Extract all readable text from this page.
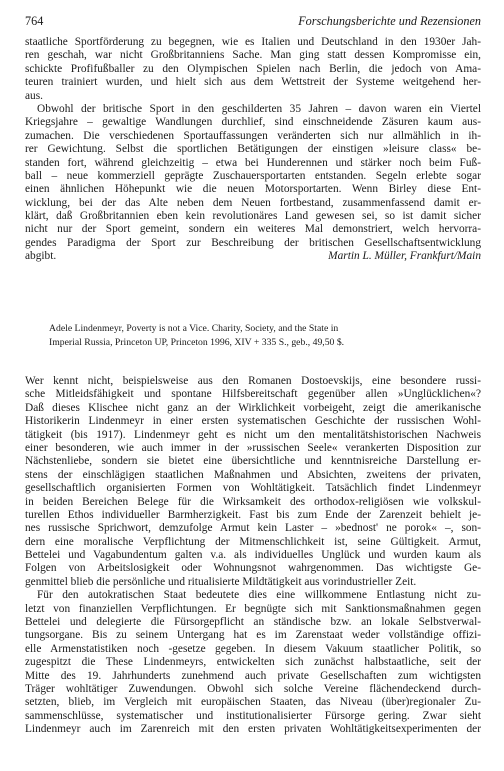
764	Forschungsberichte und Rezensionen

staatliche Sportförderung zu begegnen, wie es Italien und Deutschland in den 1930er Jah-
ren geschah, war nicht Großbritanniens Sache. Man ging statt dessen Kompromisse ein,
schickte Profifußballer zu den Olympischen Spielen nach Berlin, die jedoch von Ama-
teuren trainiert wurden, und hielt sich aus dem Wettstreit der Systeme weitgehend her-
aus.

Obwohl der britische Sport in den geschilderten 35 Jahren – davon waren ein Viertel
Kriegsjahre – gewaltige Wandlungen durchlief, sind einschneidende Zäsuren kaum aus-
zumachen. Die verschiedenen Sportauffassungen veränderten sich nur allmählich in ih-
rer Gewichtung. Selbst die sportlichen Betätigungen der einstigen »leisure class« be-
standen fort, während gleichzeitig – etwa bei Hunderennen und stärker noch beim Fuß-
ball – neue kommerziell geprägte Zuschauersportarten entstanden. Segeln erlebte sogar
einen ähnlichen Höhepunkt wie die neuen Motorsportarten. Wenn Birley diese Ent-
wicklung, bei der das Alte neben dem Neuen fortbestand, zusammenfassend damit er-
klärt, daß Großbritannien eben kein revolutionäres Land gewesen sei, so ist damit sicher
nicht nur der Sport gemeint, sondern ein weiteres Mal demonstriert, welch hervorra-
gendes Paradigma der Sport zur Beschreibung der britischen Gesellschaftsentwicklung
abgibt.	Martin L. Müller, Frankfurt/Main

Adele Lindenmeyr, Poverty is not a Vice. Charity, Society, and the State in
Imperial Russia, Princeton UP, Princeton 1996, XIV + 335 S., geb., 49,50 $.

Wer kennt nicht, beispielsweise aus den Romanen Dostoevskijs, eine besondere russi-
sche Mitleidsfähigkeit und spontane Hilfsbereitschaft gegenüber allen »Unglücklichen«?
Daß dieses Klischee nicht ganz an der Wirklichkeit vorbeigeht, zeigt die amerikanische
Historikerin Lindenmeyr in einer ersten systematischen Geschichte der russischen Wohl-
tätigkeit (bis 1917). Lindenmeyr geht es nicht um den mentalitätshistorischen Nachweis
einer besonderen, wie auch immer in der »russischen Seele« verankerten Disposition zur
Nächstenliebe, sondern sie bietet eine übersichtliche und kenntnisreiche Darstellung er-
stens der einschlägigen staatlichen Maßnahmen und Absichten, zweitens der privaten,
gesellschaftlich organisierten Formen von Wohltätigkeit. Tatsächlich findet Lindenmeyr
in beiden Bereichen Belege für die Wirksamkeit des orthodox-religiösen wie volkskul-
turellen Ethos individueller Barmherzigkeit. Fast bis zum Ende der Zarenzeit behielt je-
nes russische Sprichwort, demzufolge Armut kein Laster – »bednost' ne porok« –, son-
dern eine moralische Verpflichtung der Mitmenschlichkeit ist, seine Gültigkeit. Armut,
Bettelei und Vagabundentum galten v.a. als individuelles Unglück und wurden kaum als
Folgen von Arbeitslosigkeit oder Wohnungsnot wahrgenommen. Das wichtigste Ge-
genmittel blieb die persönliche und ritualisierte Mildtätigkeit aus vorindustrieller Zeit.

Für den autokratischen Staat bedeutete dies eine willkommene Entlastung nicht zu-
letzt von finanziellen Verpflichtungen. Er begnügte sich mit Sanktionsmaßnahmen gegen
Bettelei und delegierte die Fürsorgepflicht an ständische bzw. an lokale Selbstverwal-
tungsorgane. Bis zu seinem Untergang hat es im Zarenstaat weder vollständige offizi-
elle Armenstatistiken noch -gesetze gegeben. In diesem Vakuum staatlicher Politik, so
zugespitzt die These Lindenmeyrs, entwickelten sich zunächst halbstaatliche, seit der
Mitte des 19. Jahrhunderts zunehmend auch private Gesellschaften zum wichtigsten
Träger wohltätiger Zuwendungen. Obwohl sich solche Vereine flächendeckend durch-
setzten, blieb, im Vergleich mit europäischen Staaten, das Niveau (über)regionaler Zu-
sammenschlüsse, systematischer und institutionalisierter Fürsorge gering. Zwar sieht
Lindenmeyr auch im Zarenreich mit den ersten privaten Wohltätigkeitsexperimenten der
